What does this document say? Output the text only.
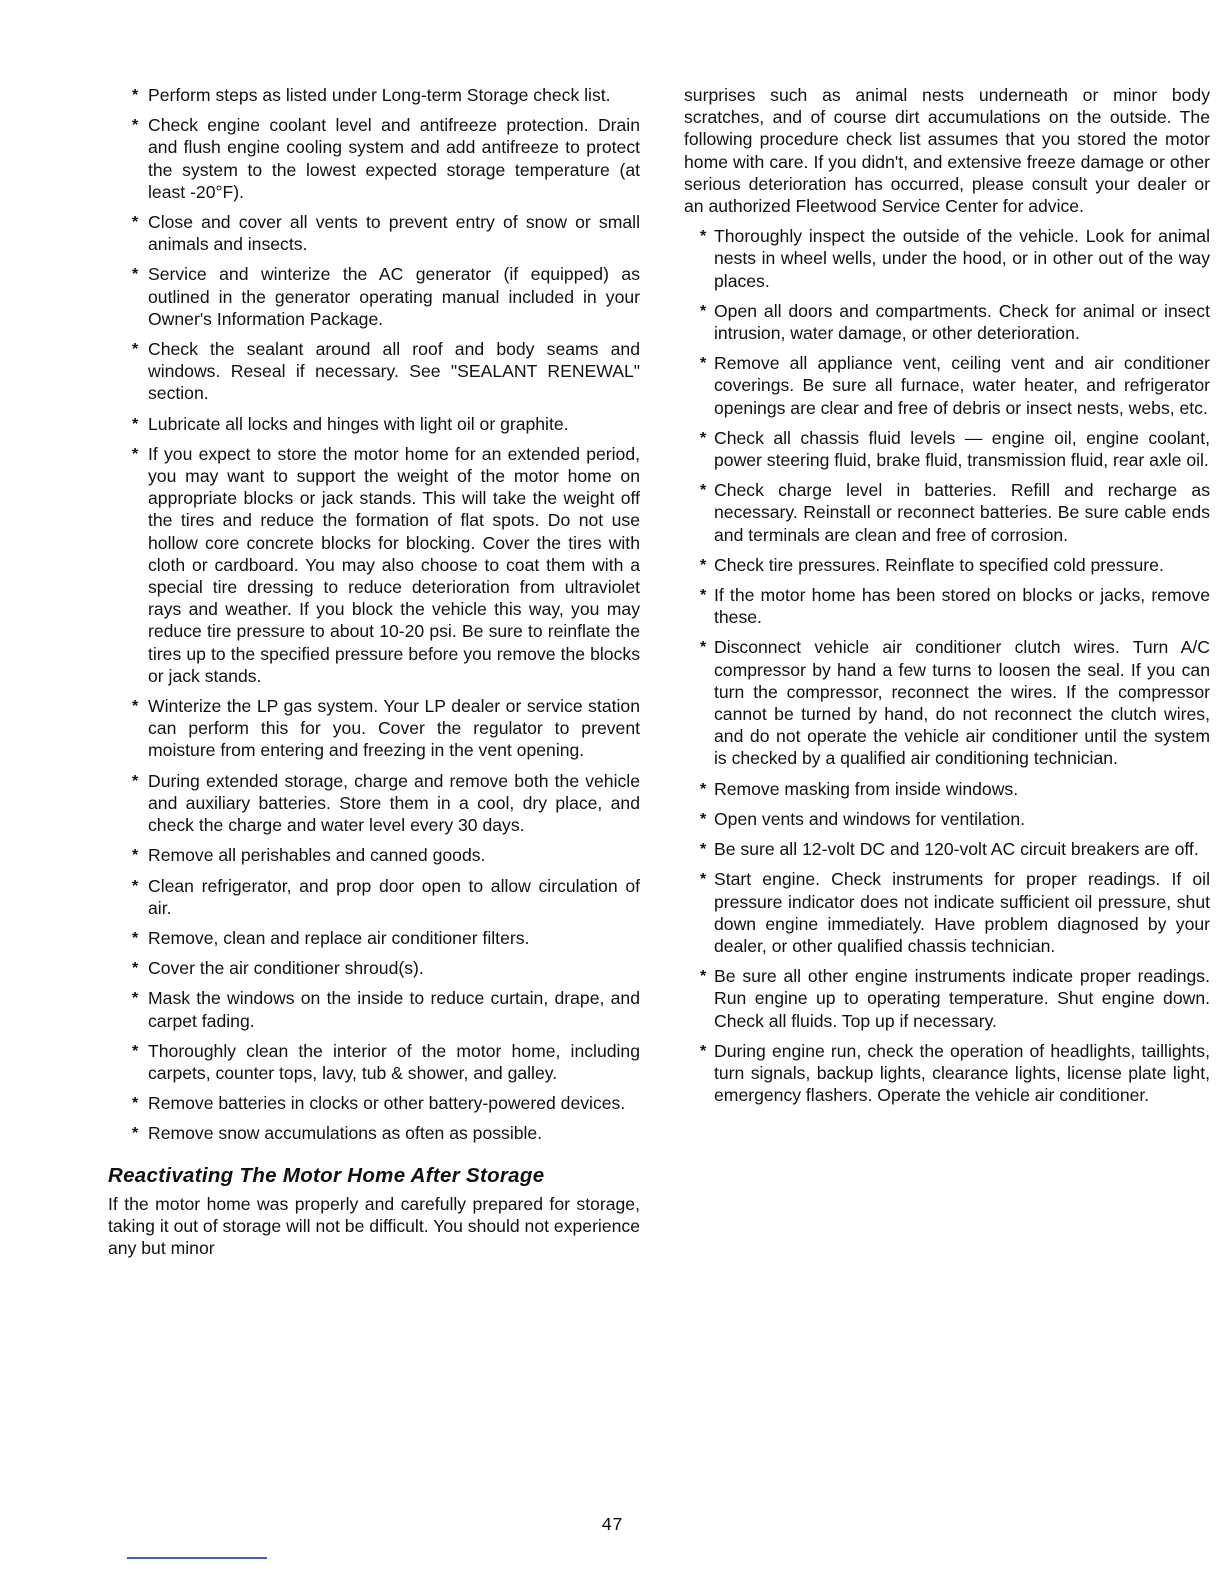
* Perform steps as listed under Long-term Storage check list.
* Check engine coolant level and antifreeze protection. Drain and flush engine cooling system and add antifreeze to protect the system to the lowest expected storage temperature (at least -20°F).
* Close and cover all vents to prevent entry of snow or small animals and insects.
* Service and winterize the AC generator (if equipped) as outlined in the generator operating manual included in your Owner's Information Package.
* Check the sealant around all roof and body seams and windows. Reseal if necessary. See "SEALANT RENEWAL" section.
* Lubricate all locks and hinges with light oil or graphite.
* If you expect to store the motor home for an extended period, you may want to support the weight of the motor home on appropriate blocks or jack stands. This will take the weight off the tires and reduce the formation of flat spots. Do not use hollow core concrete blocks for blocking. Cover the tires with cloth or cardboard. You may also choose to coat them with a special tire dressing to reduce deterioration from ultraviolet rays and weather. If you block the vehicle this way, you may reduce tire pressure to about 10-20 psi. Be sure to reinflate the tires up to the specified pressure before you remove the blocks or jack stands.
* Winterize the LP gas system. Your LP dealer or service station can perform this for you. Cover the regulator to prevent moisture from entering and freezing in the vent opening.
* During extended storage, charge and remove both the vehicle and auxiliary batteries. Store them in a cool, dry place, and check the charge and water level every 30 days.
* Remove all perishables and canned goods.
* Clean refrigerator, and prop door open to allow circulation of air.
* Remove, clean and replace air conditioner filters.
* Cover the air conditioner shroud(s).
* Mask the windows on the inside to reduce curtain, drape, and carpet fading.
* Thoroughly clean the interior of the motor home, including carpets, counter tops, lavy, tub & shower, and galley.
* Remove batteries in clocks or other battery-powered devices.
* Remove snow accumulations as often as possible.
Reactivating The Motor Home After Storage

If the motor home was properly and carefully prepared for storage, taking it out of storage will not be difficult. You should not experience any but minor

surprises such as animal nests underneath or minor body scratches, and of course dirt accumulations on the outside. The following procedure check list assumes that you stored the motor home with care. If you didn't, and extensive freeze damage or other serious deterioration has occurred, please consult your dealer or an authorized Fleetwood Service Center for advice.

* Thoroughly inspect the outside of the vehicle. Look for animal nests in wheel wells, under the hood, or in other out of the way places.
* Open all doors and compartments. Check for animal or insect intrusion, water damage, or other deterioration.
* Remove all appliance vent, ceiling vent and air conditioner coverings. Be sure all furnace, water heater, and refrigerator openings are clear and free of debris or insect nests, webs, etc.
* Check all chassis fluid levels — engine oil, engine coolant, power steering fluid, brake fluid, transmission fluid, rear axle oil.
* Check charge level in batteries. Refill and recharge as necessary. Reinstall or reconnect batteries. Be sure cable ends and terminals are clean and free of corrosion.
* Check tire pressures. Reinflate to specified cold pressure.
* If the motor home has been stored on blocks or jacks, remove these.
* Disconnect vehicle air conditioner clutch wires. Turn A/C compressor by hand a few turns to loosen the seal. If you can turn the compressor, reconnect the wires. If the compressor cannot be turned by hand, do not reconnect the clutch wires, and do not operate the vehicle air conditioner until the system is checked by a qualified air conditioning technician.
* Remove masking from inside windows.
* Open vents and windows for ventilation.
* Be sure all 12-volt DC and 120-volt AC circuit breakers are off.
* Start engine. Check instruments for proper readings. If oil pressure indicator does not indicate sufficient oil pressure, shut down engine immediately. Have problem diagnosed by your dealer, or other qualified chassis technician.
* Be sure all other engine instruments indicate proper readings. Run engine up to operating temperature. Shut engine down. Check all fluids. Top up if necessary.
* During engine run, check the operation of headlights, taillights, turn signals, backup lights, clearance lights, license plate light, emergency flashers. Operate the vehicle air conditioner.
47
